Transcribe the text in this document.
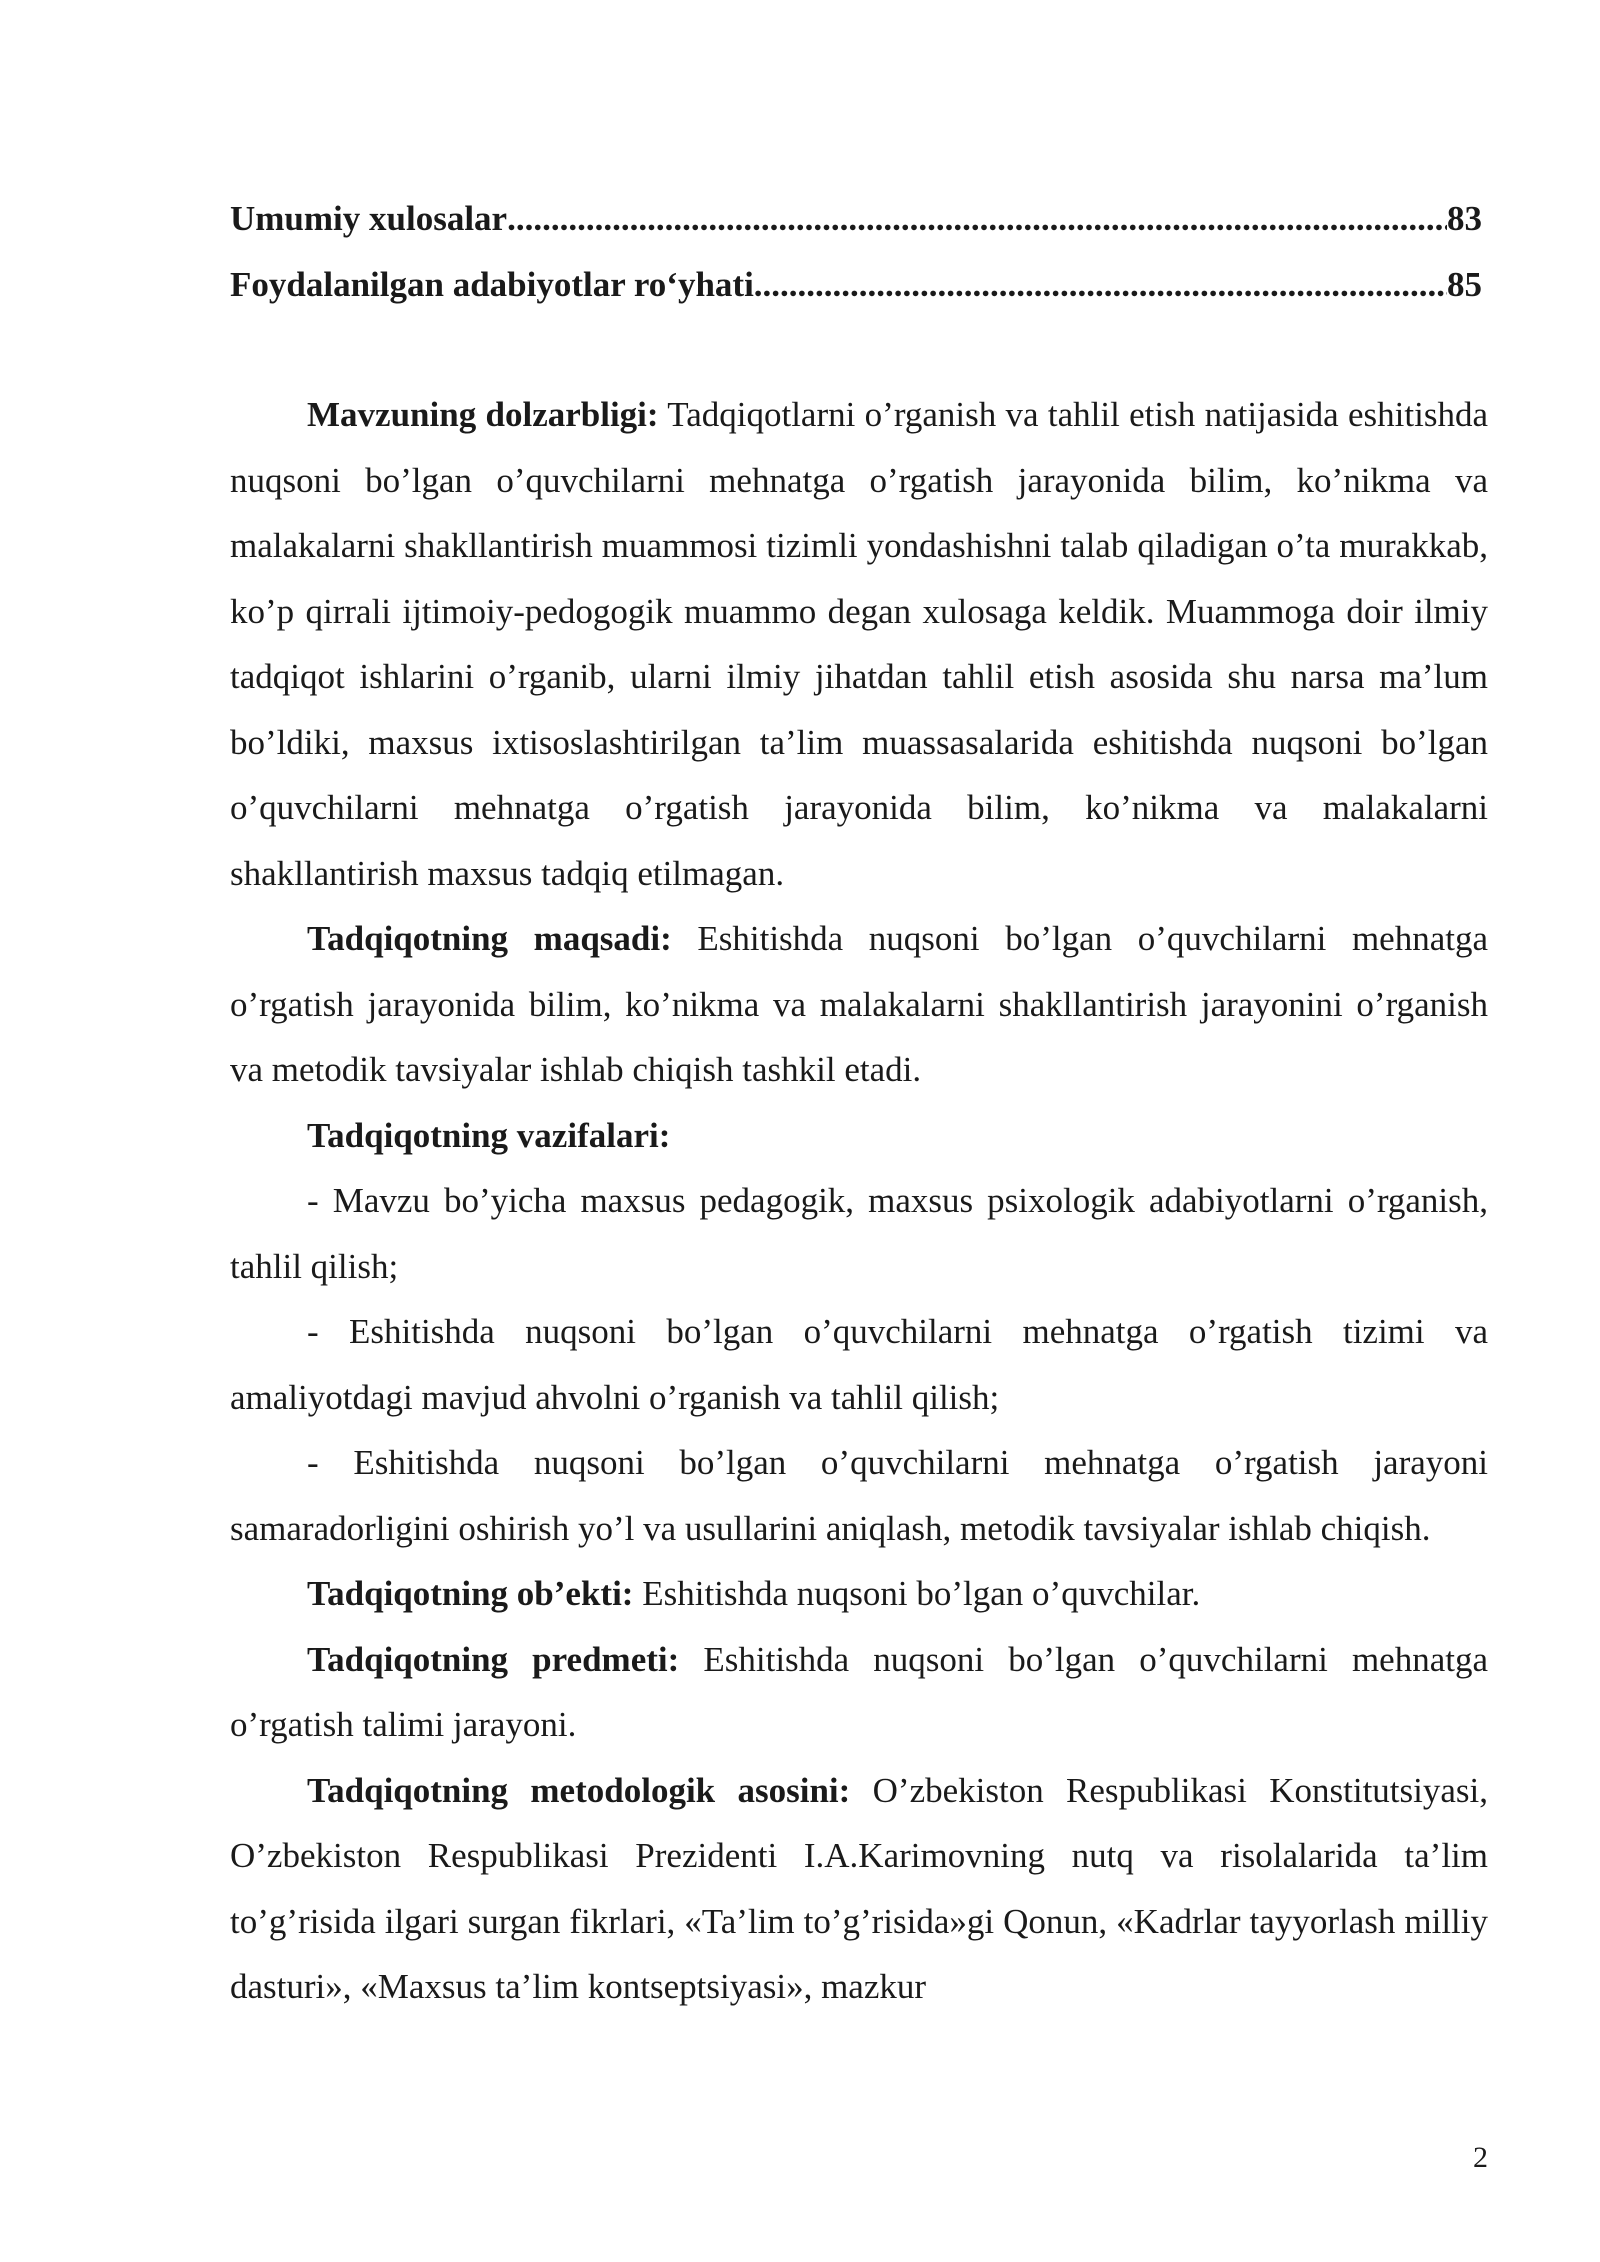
Umumiy xulosalar .....	83
Foydalanilgan adabiyotlar ro‘yhati .....	85

Mavzuning dolzarbligi: Tadqiqotlarni o’rganish va tahlil etish natijasida eshitishda nuqsoni bo’lgan o’quvchilarni mehnatga o’rgatish jarayonida bilim, ko’nikma va malakalarni shakllantirish muammosi tizimli yondashishni talab qiladigan o’ta murakkab, ko’p qirrali ijtimoiy-pedogogik muammo degan xulosaga keldik. Muammoga doir ilmiy tadqiqot ishlarini o’rganib, ularni ilmiy jihatdan tahlil etish asosida shu narsa ma’lum bo’ldiki, maxsus ixtisoslashtirilgan ta’lim muassasalarida eshitishda nuqsoni bo’lgan o’quvchilarni mehnatga o’rgatish jarayonida bilim, ko’nikma va malakalarni shakllantirish maxsus tadqiq etilmagan.

Tadqiqotning maqsadi: Eshitishda nuqsoni bo’lgan o’quvchilarni mehnatga o’rgatish jarayonida bilim, ko’nikma va malakalarni shakllantirish jarayonini o’rganish va metodik tavsiyalar ishlab chiqish tashkil etadi.

Tadqiqotning vazifalari:

- Mavzu bo’yicha maxsus pedagogik, maxsus psixologik adabiyotlarni o’rganish, tahlil qilish;

- Eshitishda nuqsoni bo’lgan o’quvchilarni mehnatga o’rgatish tizimi va amaliyotdagi mavjud ahvolni o’rganish va tahlil qilish;

- Eshitishda nuqsoni bo’lgan o’quvchilarni mehnatga o’rgatish jarayoni samaradorligini oshirish yo’l va usullarini aniqlash, metodik tavsiyalar ishlab chiqish.

Tadqiqotning ob’ekti: Eshitishda nuqsoni bo’lgan o’quvchilar.

Tadqiqotning predmeti: Eshitishda nuqsoni bo’lgan o’quvchilarni mehnatga o’rgatish talimi jarayoni.

Tadqiqotning metodologik asosini: O’zbekiston Respublikasi Konstitutsiyasi, O’zbekiston Respublikasi Prezidenti I.A.Karimovning nutq va risolalarida ta’lim to’g’risida ilgari surgan fikrlari, «Ta’lim to’g’risida»gi Qonun, «Kadrlar tayyorlash milliy dasturi», «Maxsus ta’lim kontseptsiyasi», mazkur

2
